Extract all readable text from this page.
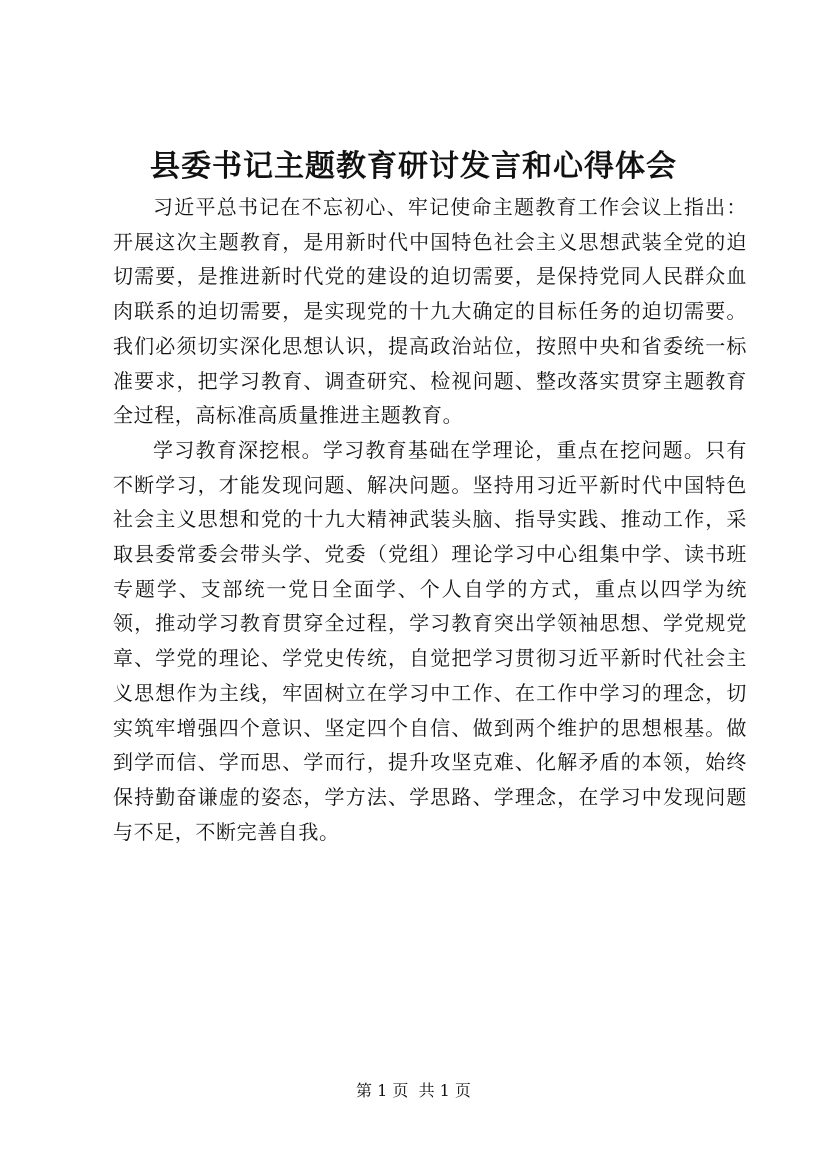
县委书记主题教育研讨发言和心得体会

习近平总书记在不忘初心、牢记使命主题教育工作会议上指出：开展这次主题教育，是用新时代中国特色社会主义思想武装全党的迫切需要，是推进新时代党的建设的迫切需要，是保持党同人民群众血肉联系的迫切需要，是实现党的十九大确定的目标任务的迫切需要。我们必须切实深化思想认识，提高政治站位，按照中央和省委统一标准要求，把学习教育、调查研究、检视问题、整改落实贯穿主题教育全过程，高标准高质量推进主题教育。

学习教育深挖根。学习教育基础在学理论，重点在挖问题。只有不断学习，才能发现问题、解决问题。坚持用习近平新时代中国特色社会主义思想和党的十九大精神武装头脑、指导实践、推动工作，采取县委常委会带头学、党委（党组）理论学习中心组集中学、读书班专题学、支部统一党日全面学、个人自学的方式，重点以四学为统领，推动学习教育贯穿全过程，学习教育突出学领袖思想、学党规党章、学党的理论、学党史传统，自觉把学习贯彻习近平新时代社会主义思想作为主线，牢固树立在学习中工作、在工作中学习的理念，切实筑牢增强四个意识、坚定四个自信、做到两个维护的思想根基。做到学而信、学而思、学而行，提升攻坚克难、化解矛盾的本领，始终保持勤奋谦虚的姿态，学方法、学思路、学理念，在学习中发现问题与不足，不断完善自我。

第 1 页  共 1 页
